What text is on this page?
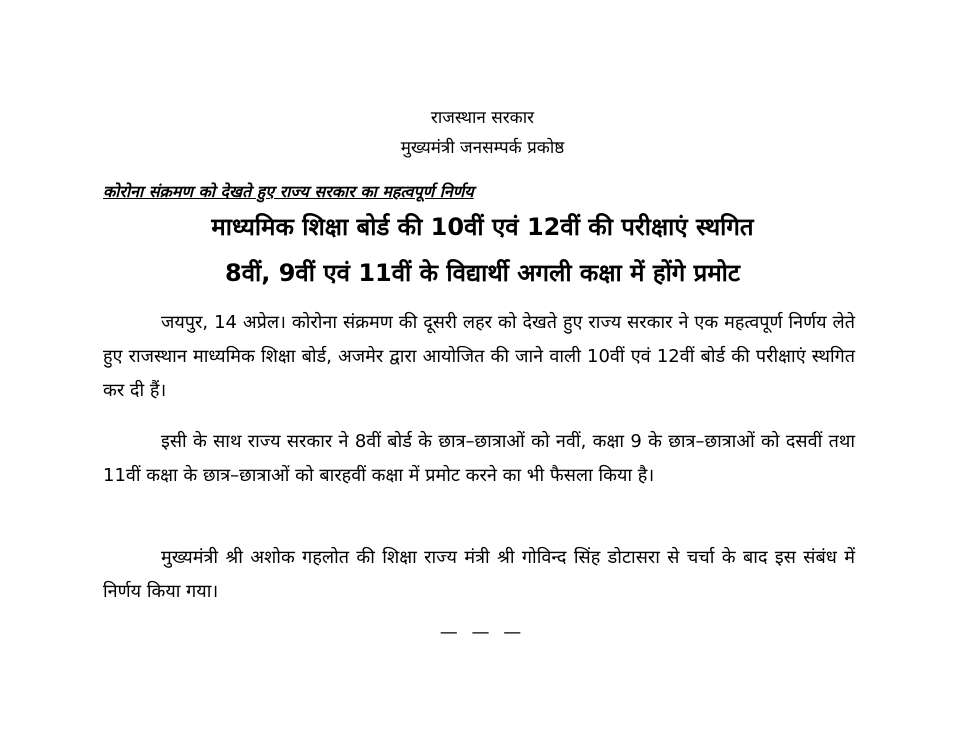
राजस्थान सरकार
मुख्यमंत्री जनसम्पर्क प्रकोष्ठ
कोरोना संक्रमण को देखते हुए राज्य सरकार का महत्वपूर्ण निर्णय
माध्यमिक शिक्षा बोर्ड की 10वीं एवं 12वीं की परीक्षाएं स्थगित
8वीं, 9वीं एवं 11वीं के विद्यार्थी अगली कक्षा में होंगे प्रमोट

जयपुर, 14 अप्रेल। कोरोना संक्रमण की दूसरी लहर को देखते हुए राज्य सरकार ने एक महत्वपूर्ण निर्णय लेते हुए राजस्थान माध्यमिक शिक्षा बोर्ड, अजमेर द्वारा आयोजित की जाने वाली 10वीं एवं 12वीं बोर्ड की परीक्षाएं स्थगित कर दी हैं।

इसी के साथ राज्य सरकार ने 8वीं बोर्ड के छात्र–छात्राओं को नवीं, कक्षा 9 के छात्र–छात्राओं को दसवीं तथा 11वीं कक्षा के छात्र–छात्राओं को बारहवीं कक्षा में प्रमोट करने का भी फैसला किया है।

मुख्यमंत्री श्री अशोक गहलोत की शिक्षा राज्य मंत्री श्री गोविन्द सिंह डोटासरा से चर्चा के बाद इस संबंध में निर्णय किया गया।

— — —
